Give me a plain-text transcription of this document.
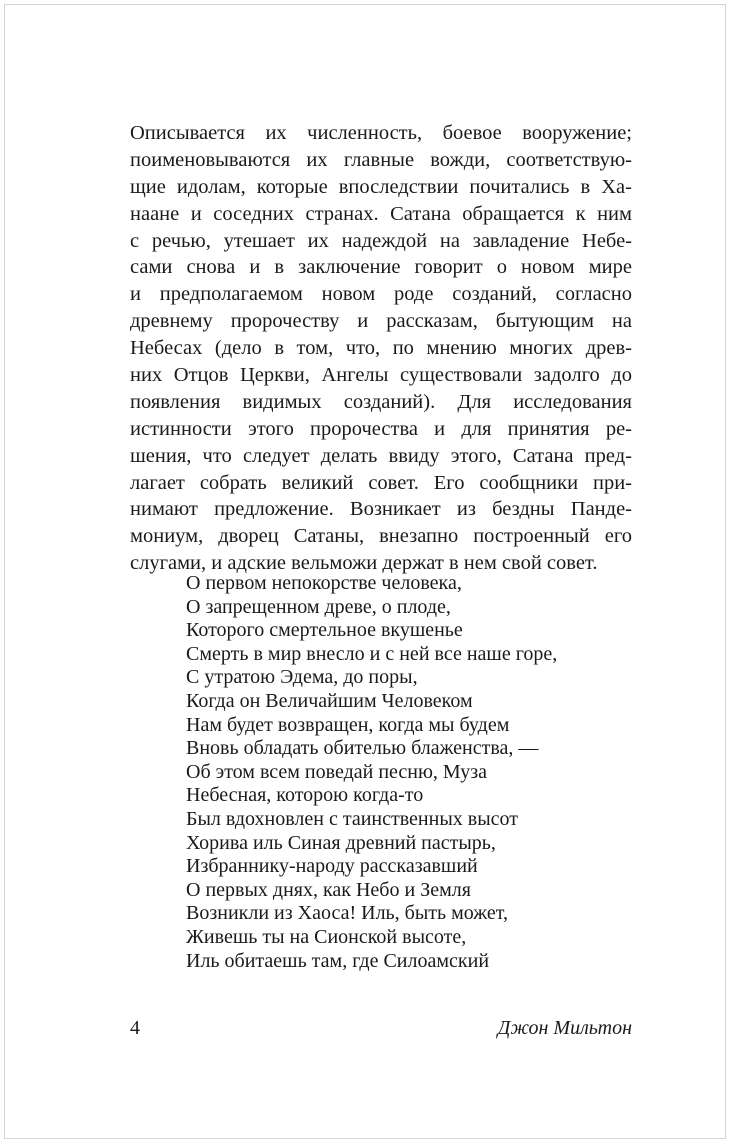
Описывается их численность, боевое вооружение;
поименовываются их главные вожди, соответствую-
щие идолам, которые впоследствии почитались в Ха-
наане и соседних странах. Сатана обращается к ним
с речью, утешает их надеждой на завладение Небе-
сами снова и в заключение говорит о новом мире
и предполагаемом новом роде созданий, согласно
древнему пророчеству и рассказам, бытующим на
Небесах (дело в том, что, по мнению многих древ-
них Отцов Церкви, Ангелы существовали задолго до
появления видимых созданий). Для исследования
истинности этого пророчества и для принятия ре-
шения, что следует делать ввиду этого, Сатана пред-
лагает собрать великий совет. Его сообщники при-
нимают предложение. Возникает из бездны Пандe-
мониум, дворец Сатаны, внезапно построенный его
слугами, и адские вельможи держат в нем свой совет.
О первом непокорстве человека,
О запрещенном древе, о плоде,
Которого смертельное вкушенье
Смерть в мир внесло и с ней все наше горе,
С утратою Эдема, до поры,
Когда он Величайшим Человеком
Нам будет возвращен, когда мы будем
Вновь обладать обителью блаженства, —
Об этом всем поведай песню, Муза
Небесная, которою когда-то
Был вдохновлен с таинственных высот
Хорива иль Синая древний пастырь,
Избраннику-народу рассказавший
О первых днях, как Небо и Земля
Возникли из Хаоса! Иль, быть может,
Живешь ты на Сионской высоте,
Иль обитаешь там, где Силоамский
4	Джон Мильтон
